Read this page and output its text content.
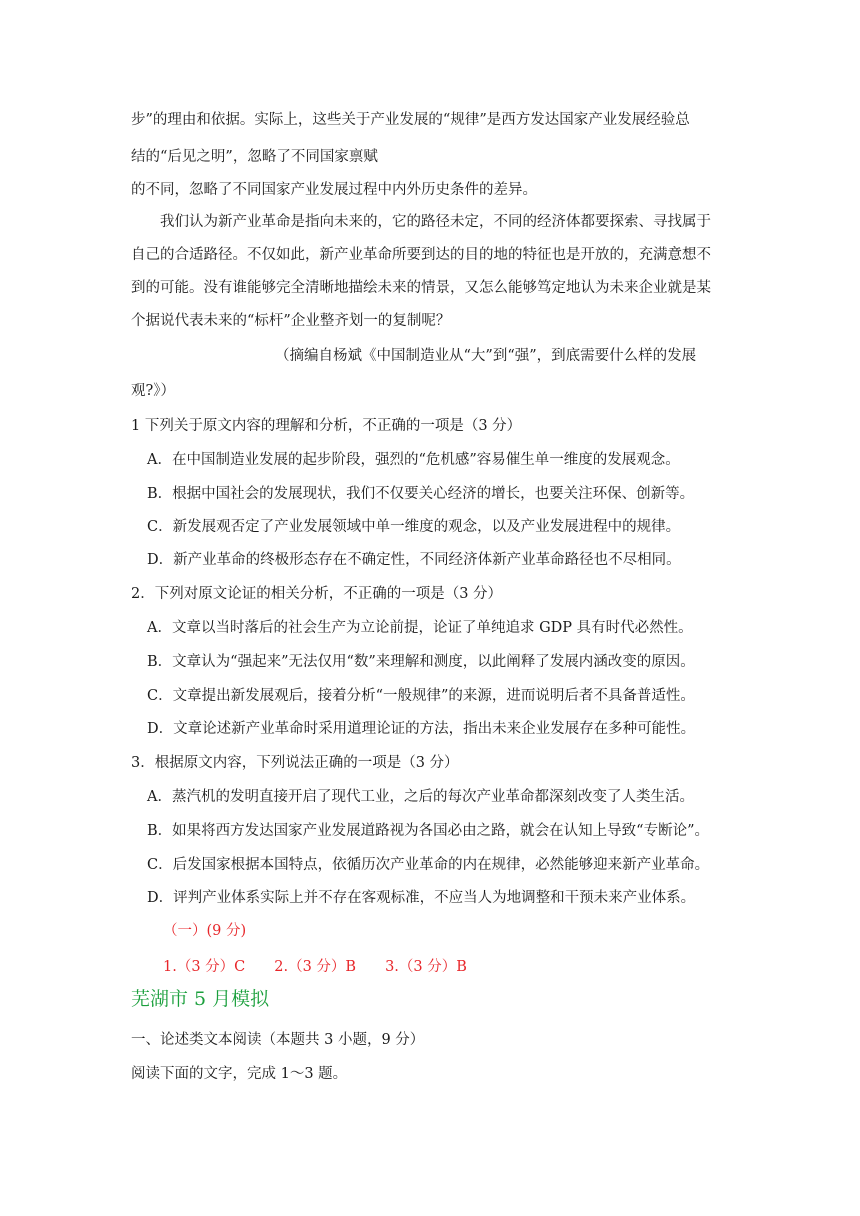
步”的理由和依据。实际上，这些关于产业发展的“规律”是西方发达国家产业发展经验总
结的“后见之明”，忽略了不同国家禀赋
的不同，忽略了不同国家产业发展过程中内外历史条件的差异。
我们认为新产业革命是指向未来的，它的路径未定，不同的经济体都要探索、寻找属于
自己的合适路径。不仅如此，新产业革命所要到达的目的地的特征也是开放的，充满意想不
到的可能。没有谁能够完全清晰地描绘未来的情景，又怎么能够笃定地认为未来企业就是某
个据说代表未来的“标杆”企业整齐划一的复制呢？
（摘编自杨斌《中国制造业从“大”到“强”，到底需要什么样的发展
观?》）
1 下列关于原文内容的理解和分析，不正确的一项是（3 分）
A．在中国制造业发展的起步阶段，强烈的“危机感”容易催生单一维度的发展观念。
B．根据中国社会的发展现状，我们不仅要关心经济的增长，也要关注环保、创新等。
C．新发展观否定了产业发展领域中单一维度的观念，以及产业发展进程中的规律。
D．新产业革命的终极形态存在不确定性，不同经济体新产业革命路径也不尽相同。
2．下列对原文论证的相关分析，不正确的一项是（3 分）
A．文章以当时落后的社会生产为立论前提，论证了单纯追求 GDP 具有时代必然性。
B．文章认为“强起来”无法仅用“数”来理解和测度，以此阐释了发展内涵改变的原因。
C．文章提出新发展观后，接着分析“一般规律”的来源，进而说明后者不具备普适性。
D．文章论述新产业革命时采用道理论证的方法，指出未来企业发展存在多种可能性。
3．根据原文内容，下列说法正确的一项是（3 分）
A．蒸汽机的发明直接开启了现代工业，之后的每次产业革命都深刻改变了人类生活。
B．如果将西方发达国家产业发展道路视为各国必由之路，就会在认知上导致“专断论”。
C．后发国家根据本国特点，依循历次产业革命的内在规律，必然能够迎来新产业革命。
D．评判产业体系实际上并不存在客观标准，不应当人为地调整和干预未来产业体系。
（一）(9 分)
1.（3 分）C　　2.（3 分）B　　3.（3 分）B
芜湖市 5 月模拟
一、论述类文本阅读（本题共 3 小题，9 分）
阅读下面的文字，完成 1～3 题。
